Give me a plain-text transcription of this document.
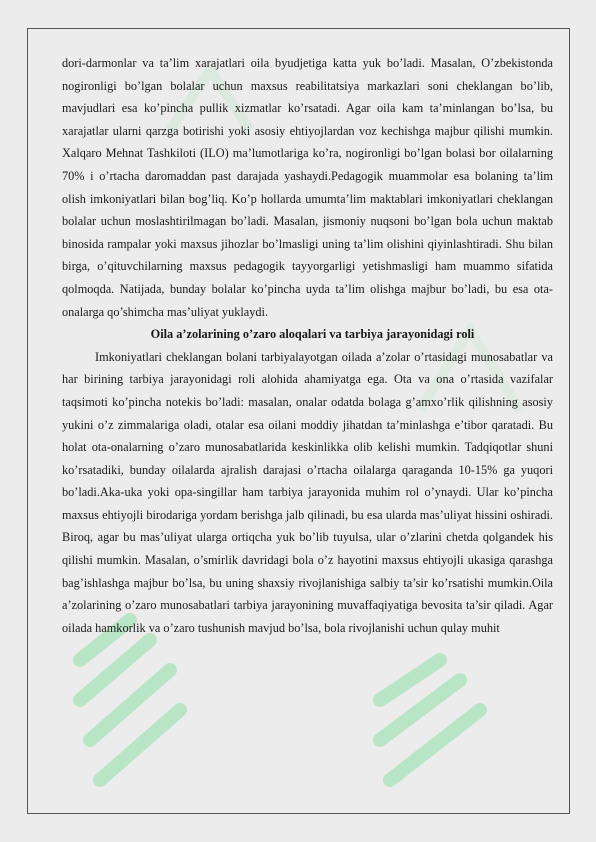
dori-darmonlar va ta’lim xarajatlari oila byudjetiga katta yuk bo’ladi. Masalan, O’zbekistonda nogironligi bo’lgan bolalar uchun maxsus reabilitatsiya markazlari soni cheklangan bo’lib, mavjudlari esa ko’pincha pullik xizmatlar ko’rsatadi. Agar oila kam ta’minlangan bo’lsa, bu xarajatlar ularni qarzga botirishi yoki asosiy ehtiyojlardan voz kechishga majbur qilishi mumkin. Xalqaro Mehnat Tashkiloti (ILO) ma’lumotlariga ko’ra, nogironligi bo’lgan bolasi bor oilalarning 70% i o’rtacha daromaddan past darajada yashaydi.Pedagogik muammolar esa bolaning ta’lim olish imkoniyatlari bilan bog’liq. Ko’p hollarda umumta’lim maktablari imkoniyatlari cheklangan bolalar uchun moslashtirilmagan bo’ladi. Masalan, jismoniy nuqsoni bo’lgan bola uchun maktab binosida rampalar yoki maxsus jihozlar bo’lmasligi uning ta’lim olishini qiyinlashtiradi. Shu bilan birga, o’qituvchilarning maxsus pedagogik tayyorgarligi yetishmasligi ham muammo sifatida qolmoqda. Natijada, bunday bolalar ko’pincha uyda ta’lim olishga majbur bo’ladi, bu esa ota-onalarga qo’shimcha mas’uliyat yuklaydi.

Oila a’zolarining o’zaro aloqalari va tarbiya jarayonidagi roli

Imkoniyatlari cheklangan bolani tarbiyalayotgan oilada a’zolar o’rtasidagi munosabatlar va har birining tarbiya jarayonidagi roli alohida ahamiyatga ega. Ota va ona o’rtasida vazifalar taqsimoti ko’pincha notekis bo’ladi: masalan, onalar odatda bolaga g’amxo’rlik qilishning asosiy yukini o’z zimmalariga oladi, otalar esa oilani moddiy jihatdan ta’minlashga e’tibor qaratadi. Bu holat ota-onalarning o’zaro munosabatlarida keskinlikka olib kelishi mumkin. Tadqiqotlar shuni ko’rsatadiki, bunday oilalarda ajralish darajasi o’rtacha oilalarga qaraganda 10-15% ga yuqori bo’ladi.Aka-uka yoki opa-singillar ham tarbiya jarayonida muhim rol o’ynaydi. Ular ko’pincha maxsus ehtiyojli birodariga yordam berishga jalb qilinadi, bu esa ularda mas’uliyat hissini oshiradi. Biroq, agar bu mas’uliyat ularga ortiqcha yuk bo’lib tuyulsa, ular o’zlarini chetda qolgandek his qilishi mumkin. Masalan, o’smirlik davridagi bola o’z hayotini maxsus ehtiyojli ukasiga qarashga bag’ishlashga majbur bo’lsa, bu uning shaxsiy rivojlanishiga salbiy ta’sir ko’rsatishi mumkin.Oila a’zolarining o’zaro munosabatlari tarbiya jarayonining muvaffaqiyatiga bevosita ta’sir qiladi. Agar oilada hamkorlik va o’zaro tushunish mavjud bo’lsa, bola rivojlanishi uchun qulay muhit
